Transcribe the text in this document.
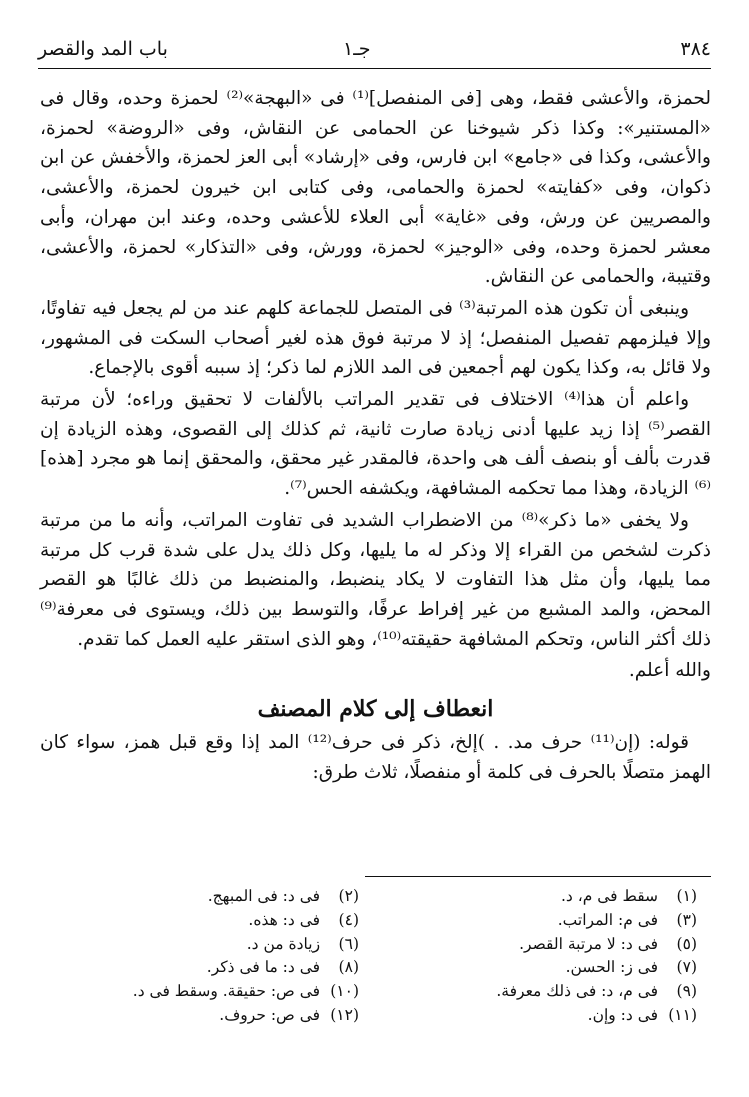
٣٨٤
جـ١
باب المد والقصر

لحمزة، والأعشى فقط، وهى [فى المنفصل]⁽¹⁾ فى «البهجة»⁽²⁾ لحمزة وحده، وقال فى «المستنير»: وكذا ذكر شيوخنا عن الحمامى عن النقاش، وفى «الروضة» لحمزة، والأعشى، وكذا فى «جامع» ابن فارس، وفى «إرشاد» أبى العز لحمزة، والأخفش عن ابن ذكوان، وفى «كفايته» لحمزة والحمامى، وفى كتابى ابن خيرون لحمزة، والأعشى، والمصريين عن ورش، وفى «غاية» أبى العلاء للأعشى وحده، وعند ابن مهران، وأبى معشر لحمزة وحده، وفى «الوجيز» لحمزة، وورش، وفى «التذكار» لحمزة، والأعشى، وقتيبة، والحمامى عن النقاش.

وينبغى أن تكون هذه المرتبة⁽³⁾ فى المتصل للجماعة كلهم عند من لم يجعل فيه تفاوتًا، وإلا فيلزمهم تفصيل المنفصل؛ إذ لا مرتبة فوق هذه لغير أصحاب السكت فى المشهور، ولا قائل به، وكذا يكون لهم أجمعين فى المد اللازم لما ذكر؛ إذ سببه أقوى بالإجماع.

واعلم أن هذا⁽⁴⁾ الاختلاف فى تقدير المراتب بالألفات لا تحقيق وراءه؛ لأن مرتبة القصر⁽⁵⁾ إذا زيد عليها أدنى زيادة صارت ثانية، ثم كذلك إلى القصوى، وهذه الزيادة إن قدرت بألف أو بنصف ألف هى واحدة، فالمقدر غير محقق، والمحقق إنما هو مجرد [هذه]⁽⁶⁾ الزيادة، وهذا مما تحكمه المشافهة، ويكشفه الحس⁽⁷⁾.

ولا يخفى «ما ذكر»⁽⁸⁾ من الاضطراب الشديد فى تفاوت المراتب، وأنه ما من مرتبة ذكرت لشخص من القراء إلا وذكر له ما يليها، وكل ذلك يدل على شدة قرب كل مرتبة مما يليها، وأن مثل هذا التفاوت لا يكاد ينضبط، والمنضبط من ذلك غالبًا هو القصر المحض، والمد المشبع من غير إفراط عرفًا، والتوسط بين ذلك، ويستوى فى معرفة⁽⁹⁾ ذلك أكثر الناس، وتحكم المشافهة حقيقته⁽¹⁰⁾، وهو الذى استقر عليه العمل كما تقدم.

والله أعلم.

انعطاف إلى كلام المصنف

قوله: (إن⁽¹¹⁾ حرف مد. . )إلخ، ذكر فى حرف⁽¹²⁾ المد إذا وقع قبل همز، سواء كان الهمز متصلًا بالحرف فى كلمة أو منفصلًا، ثلاث طرق:

(١) سقط فى م، د.
(٣) فى م: المراتب.
(٥) فى د: لا مرتبة القصر.
(٧) فى ز: الحسن.
(٩) فى م، د: فى ذلك معرفة.
(١١) فى د: وإن.
(٢) فى د: فى المبهج.
(٤) فى د: هذه.
(٦) زيادة من د.
(٨) فى د: ما فى ذكر.
(١٠) فى ص: حقيقة. وسقط فى د.
(١٢) فى ص: حروف.
